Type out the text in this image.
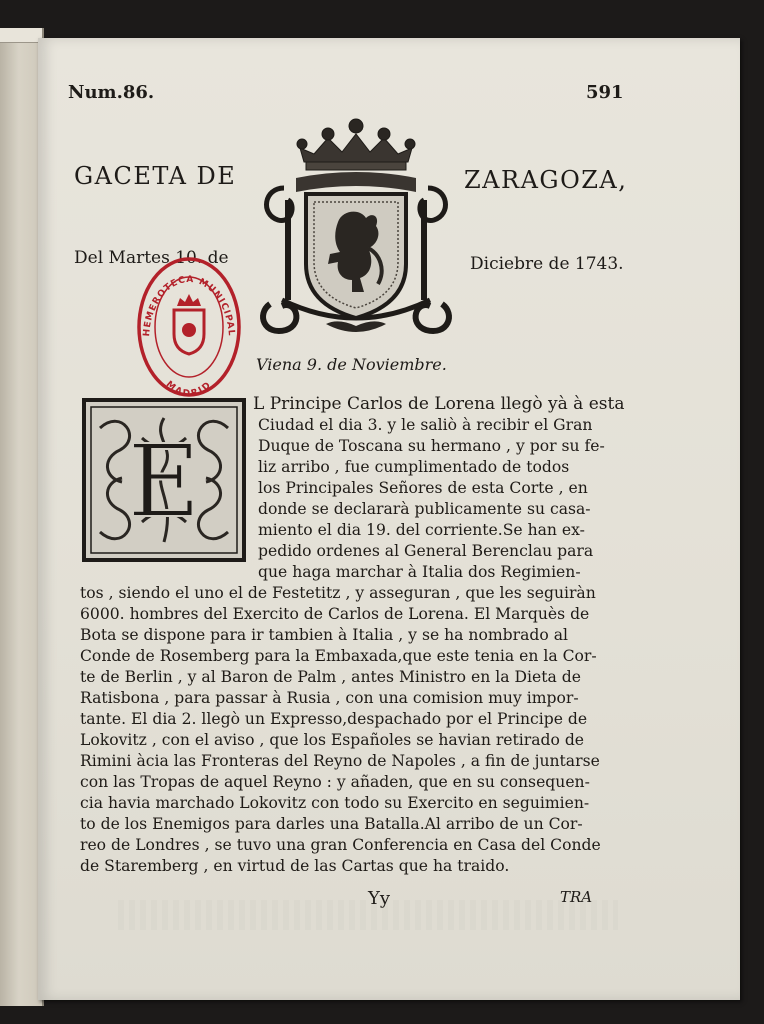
Num.86.	591

GACETA DE	ZARAGOZA,

Del Martes 10. de	Diciebre de 1743.

HEMEROTECA MUNICIPAL
MADRID

Viena 9. de Noviembre.

E

L Principe Carlos de Lorena llegò yà à esta

Ciudad el dia 3. y le saliò à recibir el Gran

Duque de Toscana su hermano , y por su fe-

liz arribo , fue cumplimentado de todos

los Principales Señores de esta Corte , en

donde se declararà publicamente su casa-

miento el dia 19. del corriente.Se han ex-

pedido ordenes al General Berenclau para

que haga marchar à Italia dos Regimien-

tos , siendo el uno el de Festetitz , y asseguran , que les seguiràn

6000. hombres del Exercito de Carlos de Lorena. El Marquès de

Bota se dispone para ir tambien à Italia , y se ha nombrado al

Conde de Rosemberg para la Embaxada,que este tenia en la Cor-

te de Berlin , y al Baron de Palm , antes Ministro en la Dieta de

Ratisbona , para passar à Rusia , con una comision muy impor-

tante. El dia 2. llegò un Expresso,despachado por el Principe de

Lokovitz , con el aviso , que los Españoles se havian retirado de

Rimini àcia las Fronteras del Reyno de Napoles , a fin de juntarse

con las Tropas de aquel Reyno : y añaden, que en su consequen-

cia havia marchado Lokovitz con todo su Exercito en seguimien-

to de los Enemigos para darles una Batalla.Al arribo de un Cor-

reo de Londres , se tuvo una gran Conferencia en Casa del Conde

de Staremberg , en virtud de las Cartas que ha traido.

Yy	TRA
